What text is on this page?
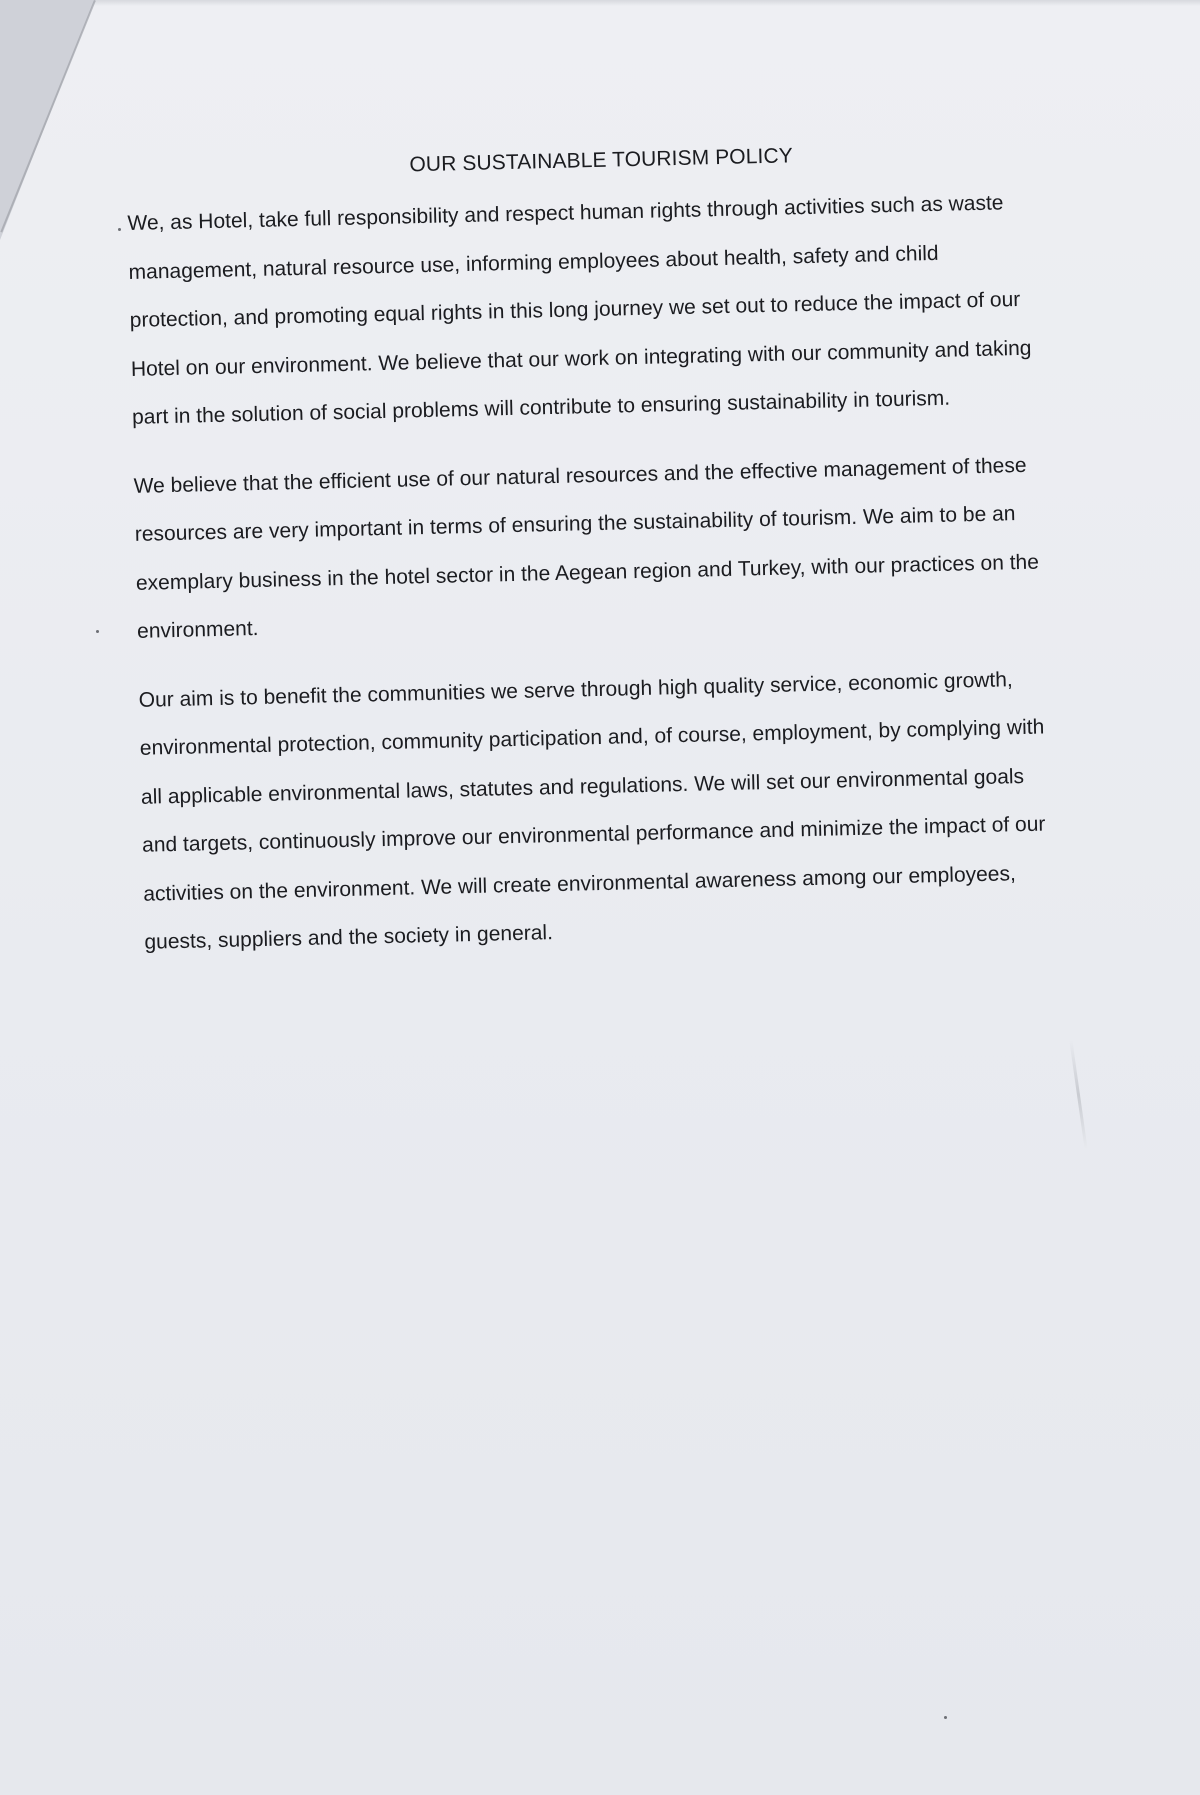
OUR SUSTAINABLE TOURISM POLICY

We, as Hotel, take full responsibility and respect human rights through activities such as waste management, natural resource use, informing employees about health, safety and child protection, and promoting equal rights in this long journey we set out to reduce the impact of our Hotel on our environment. We believe that our work on integrating with our community and taking part in the solution of social problems will contribute to ensuring sustainability in tourism.

We believe that the efficient use of our natural resources and the effective management of these resources are very important in terms of ensuring the sustainability of tourism. We aim to be an exemplary business in the hotel sector in the Aegean region and Turkey, with our practices on the environment.

Our aim is to benefit the communities we serve through high quality service, economic growth, environmental protection, community participation and, of course, employment, by complying with all applicable environmental laws, statutes and regulations. We will set our environmental goals and targets, continuously improve our environmental performance and minimize the impact of our activities on the environment. We will create environmental awareness among our employees, guests, suppliers and the society in general.
